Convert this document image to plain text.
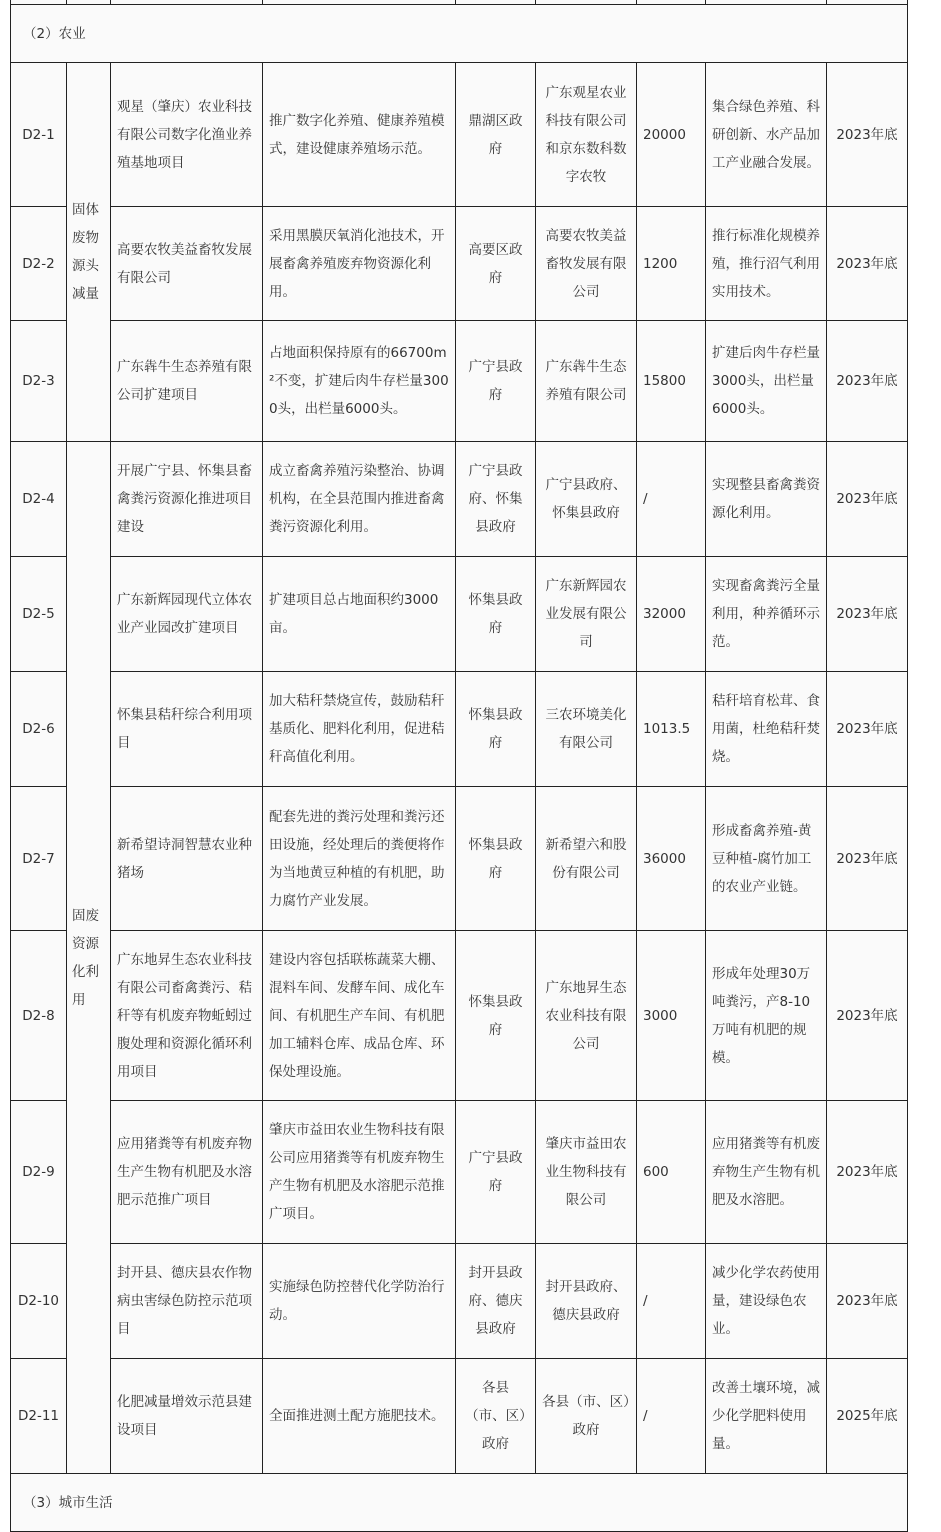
（2）农业								
D2-1	固体废物源头减量	观星（肇庆）农业科技有限公司数字化渔业养殖基地项目	推广数字化养殖、健康养殖模式，建设健康养殖场示范。	鼎湖区政府	广东观星农业科技有限公司和京东数科数字农牧	20000	集合绿色养殖、科研创新、水产品加工产业融合发展。	2023年底
D2-2		高要农牧美益畜牧发展有限公司	采用黑膜厌氧消化池技术，开展畜禽养殖废弃物资源化利用。	高要区政府	高要农牧美益畜牧发展有限公司	1200	推行标准化规模养殖，推行沼气利用实用技术。	2023年底
D2-3		广东犇牛生态养殖有限公司扩建项目	占地面积保持原有的66700m²不变，扩建后肉牛存栏量3000头，出栏量6000头。	广宁县政府	广东犇牛生态养殖有限公司	15800	扩建后肉牛存栏量3000头，出栏量6000头。	2023年底
D2-4	固废资源化利用	开展广宁县、怀集县畜禽粪污资源化推进项目建设	成立畜禽养殖污染整治、协调机构，在全县范围内推进畜禽粪污资源化利用。	广宁县政府、怀集县政府	广宁县政府、怀集县政府	/	实现整县畜禽粪资源化利用。	2023年底
D2-5		广东新辉园现代立体农业产业园改扩建项目	扩建项目总占地面积约3000亩。	怀集县政府	广东新辉园农业发展有限公司	32000	实现畜禽粪污全量利用，种养循环示范。	2023年底
D2-6		怀集县秸秆综合利用项目	加大秸秆禁烧宣传，鼓励秸秆基质化、肥料化利用，促进秸秆高值化利用。	怀集县政府	三农环境美化有限公司	1013.5	秸秆培育松茸、食用菌，杜绝秸秆焚烧。	2023年底
D2-7		新希望诗洞智慧农业种猪场	配套先进的粪污处理和粪污还田设施，经处理后的粪便将作为当地黄豆种植的有机肥，助力腐竹产业发展。	怀集县政府	新希望六和股份有限公司	36000	形成畜禽养殖-黄豆种植-腐竹加工的农业产业链。	2023年底
D2-8		广东地昇生态农业科技有限公司畜禽粪污、秸秆等有机废弃物蚯蚓过腹处理和资源化循环利用项目	建设内容包括联栋蔬菜大棚、混料车间、发酵车间、成化车间、有机肥生产车间、有机肥加工辅料仓库、成品仓库、环保处理设施。	怀集县政府	广东地昇生态农业科技有限公司	3000	形成年处理30万吨粪污，产8-10万吨有机肥的规模。	2023年底
D2-9		应用猪粪等有机废弃物生产生物有机肥及水溶肥示范推广项目	肇庆市益田农业生物科技有限公司应用猪粪等有机废弃物生产生物有机肥及水溶肥示范推广项目。	广宁县政府	肇庆市益田农业生物科技有限公司	600	应用猪粪等有机废弃物生产生物有机肥及水溶肥。	2023年底
D2-10		封开县、德庆县农作物病虫害绿色防控示范项目	实施绿色防控替代化学防治行动。	封开县政府、德庆县政府	封开县政府、德庆县政府	/	减少化学农药使用量，建设绿色农业。	2023年底
D2-11		化肥减量增效示范县建设项目	全面推进测土配方施肥技术。	各县（市、区）政府	各县（市、区）政府	/	改善土壤环境，减少化学肥料使用量。	2025年底
（3）城市生活								
